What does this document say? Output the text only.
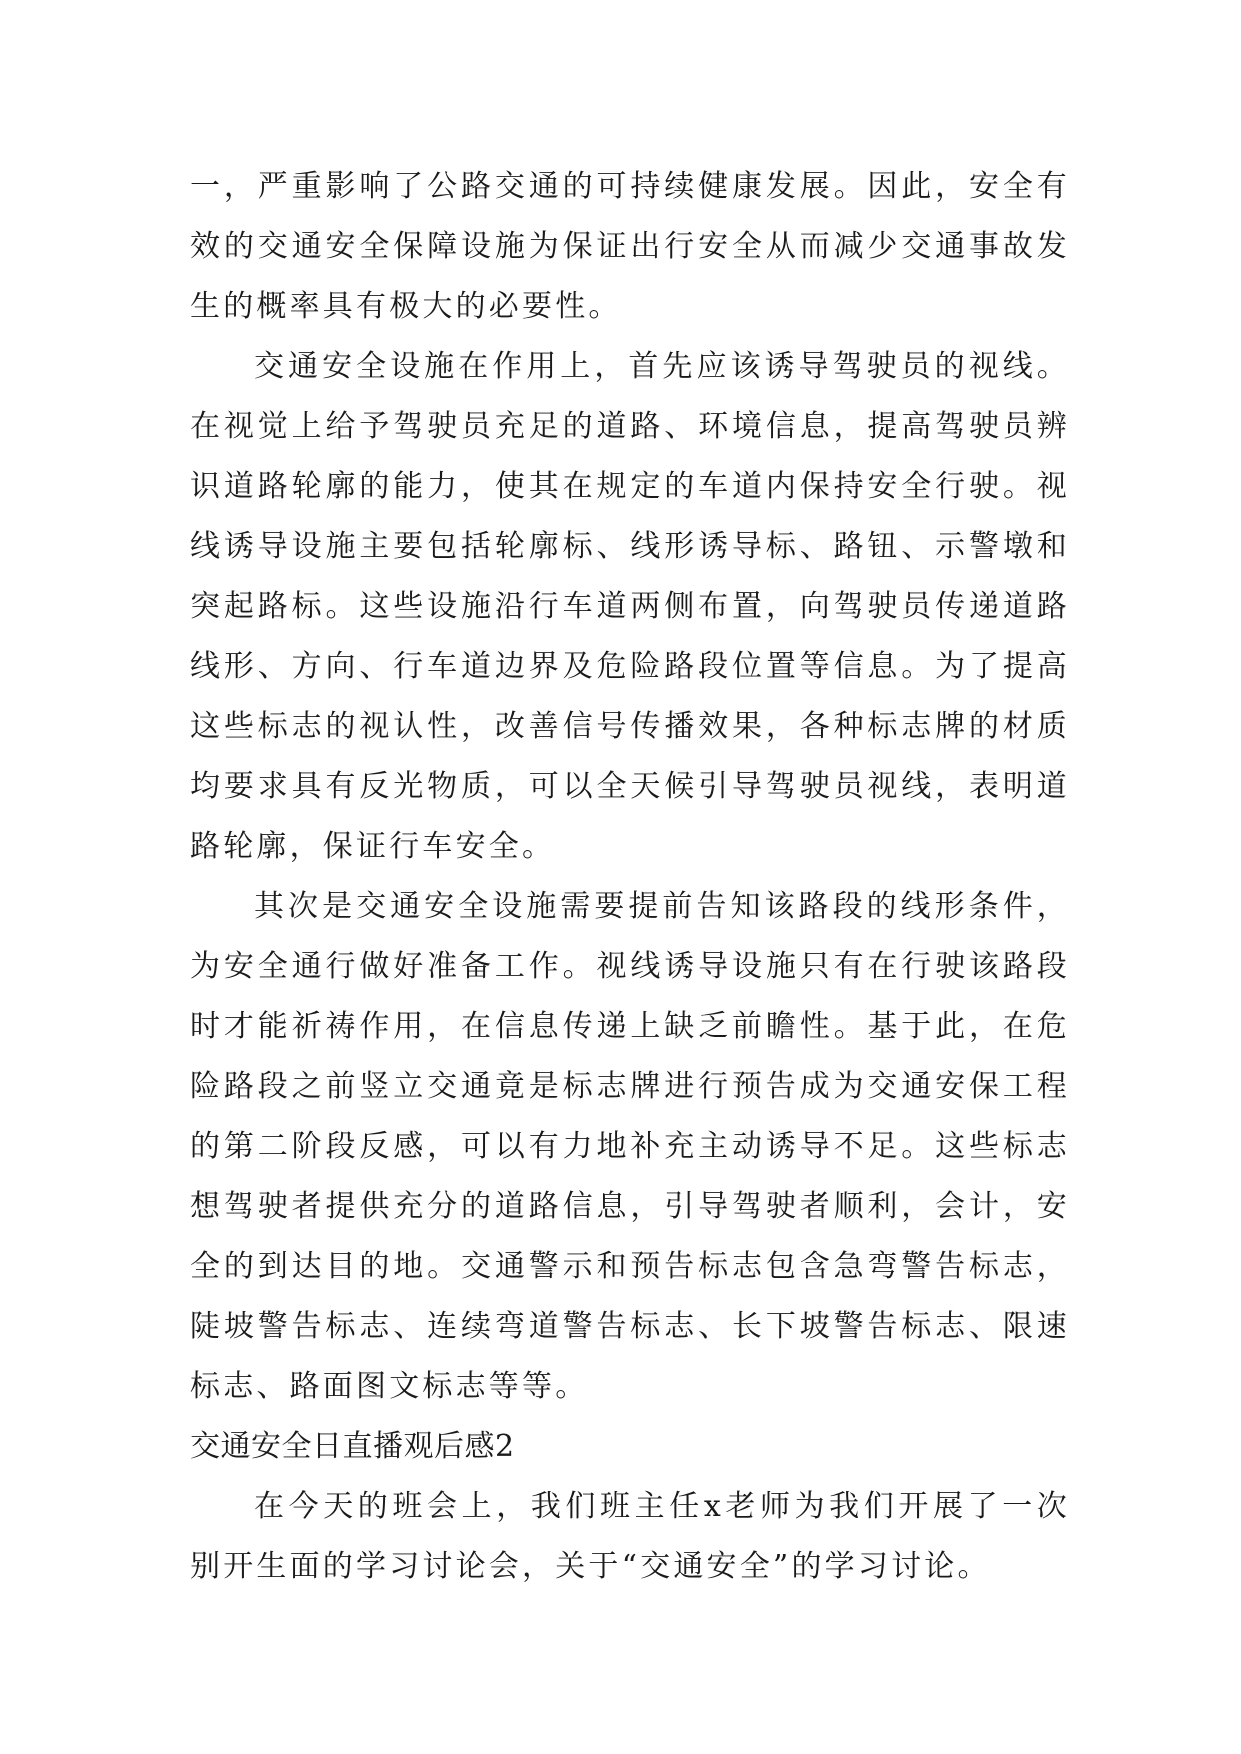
一，严重影响了公路交通的可持续健康发展。因此，安全有效的交通安全保障设施为保证出行安全从而减少交通事故发生的概率具有极大的必要性。

交通安全设施在作用上，首先应该诱导驾驶员的视线。在视觉上给予驾驶员充足的道路、环境信息，提高驾驶员辨识道路轮廓的能力，使其在规定的车道内保持安全行驶。视线诱导设施主要包括轮廓标、线形诱导标、路钮、示警墩和突起路标。这些设施沿行车道两侧布置，向驾驶员传递道路线形、方向、行车道边界及危险路段位置等信息。为了提高这些标志的视认性，改善信号传播效果，各种标志牌的材质均要求具有反光物质，可以全天候引导驾驶员视线，表明道路轮廓，保证行车安全。

其次是交通安全设施需要提前告知该路段的线形条件，为安全通行做好准备工作。视线诱导设施只有在行驶该路段时才能祈祷作用，在信息传递上缺乏前瞻性。基于此，在危险路段之前竖立交通竟是标志牌进行预告成为交通安保工程的第二阶段反感，可以有力地补充主动诱导不足。这些标志想驾驶者提供充分的道路信息，引导驾驶者顺利，会计，安全的到达目的地。交通警示和预告标志包含急弯警告标志，陡坡警告标志、连续弯道警告标志、长下坡警告标志、限速标志、路面图文标志等等。

交通安全日直播观后感2

在今天的班会上，我们班主任x老师为我们开展了一次别开生面的学习讨论会，关于“交通安全”的学习讨论。
